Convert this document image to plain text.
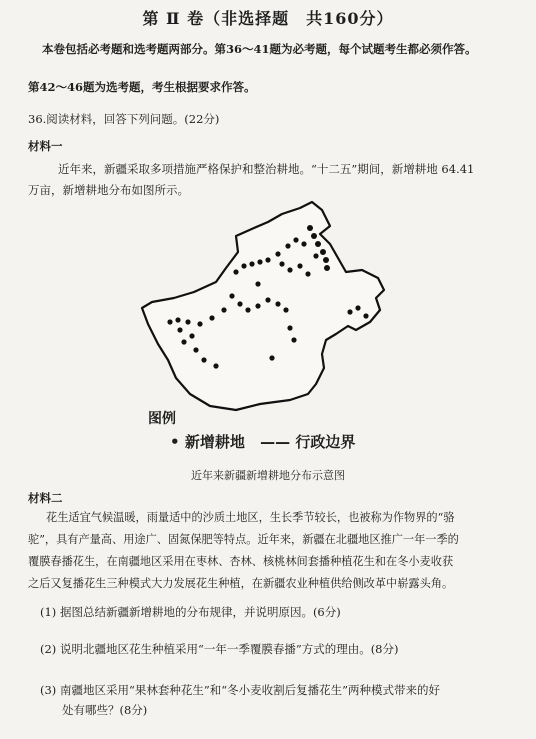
第 Ⅱ 卷（非选择题　共160分）
本卷包括必考题和选考题两部分。第36～41题为必考题，每个试题考生都必须作答。
第42～46题为选考题，考生根据要求作答。
36.阅读材料，回答下列问题。(22分)
材料一
近年来，新疆采取多项措施严格保护和整治耕地。“十二五”期间，新增耕地 64.41
万亩，新增耕地分布如图所示。
图例
• 新增耕地 —— 行政边界
近年来新疆新增耕地分布示意图
材料二
花生适宜气候温暖，雨量适中的沙质土地区，生长季节较长，也被称为作物界的“骆
驼”，具有产量高、用途广、固氮保肥等特点。近年来，新疆在北疆地区推广一年一季的
覆膜春播花生，在南疆地区采用在枣林、杏林、核桃林间套播种植花生和在冬小麦收获
之后又复播花生三种模式大力发展花生种植，在新疆农业种植供给侧改革中崭露头角。
(1) 据图总结新疆新增耕地的分布规律，并说明原因。(6分)
(2) 说明北疆地区花生种植采用“一年一季覆膜春播”方式的理由。(8分)
(3) 南疆地区采用“果林套种花生”和“冬小麦收割后复播花生”两种模式带来的好
处有哪些？(8分)
